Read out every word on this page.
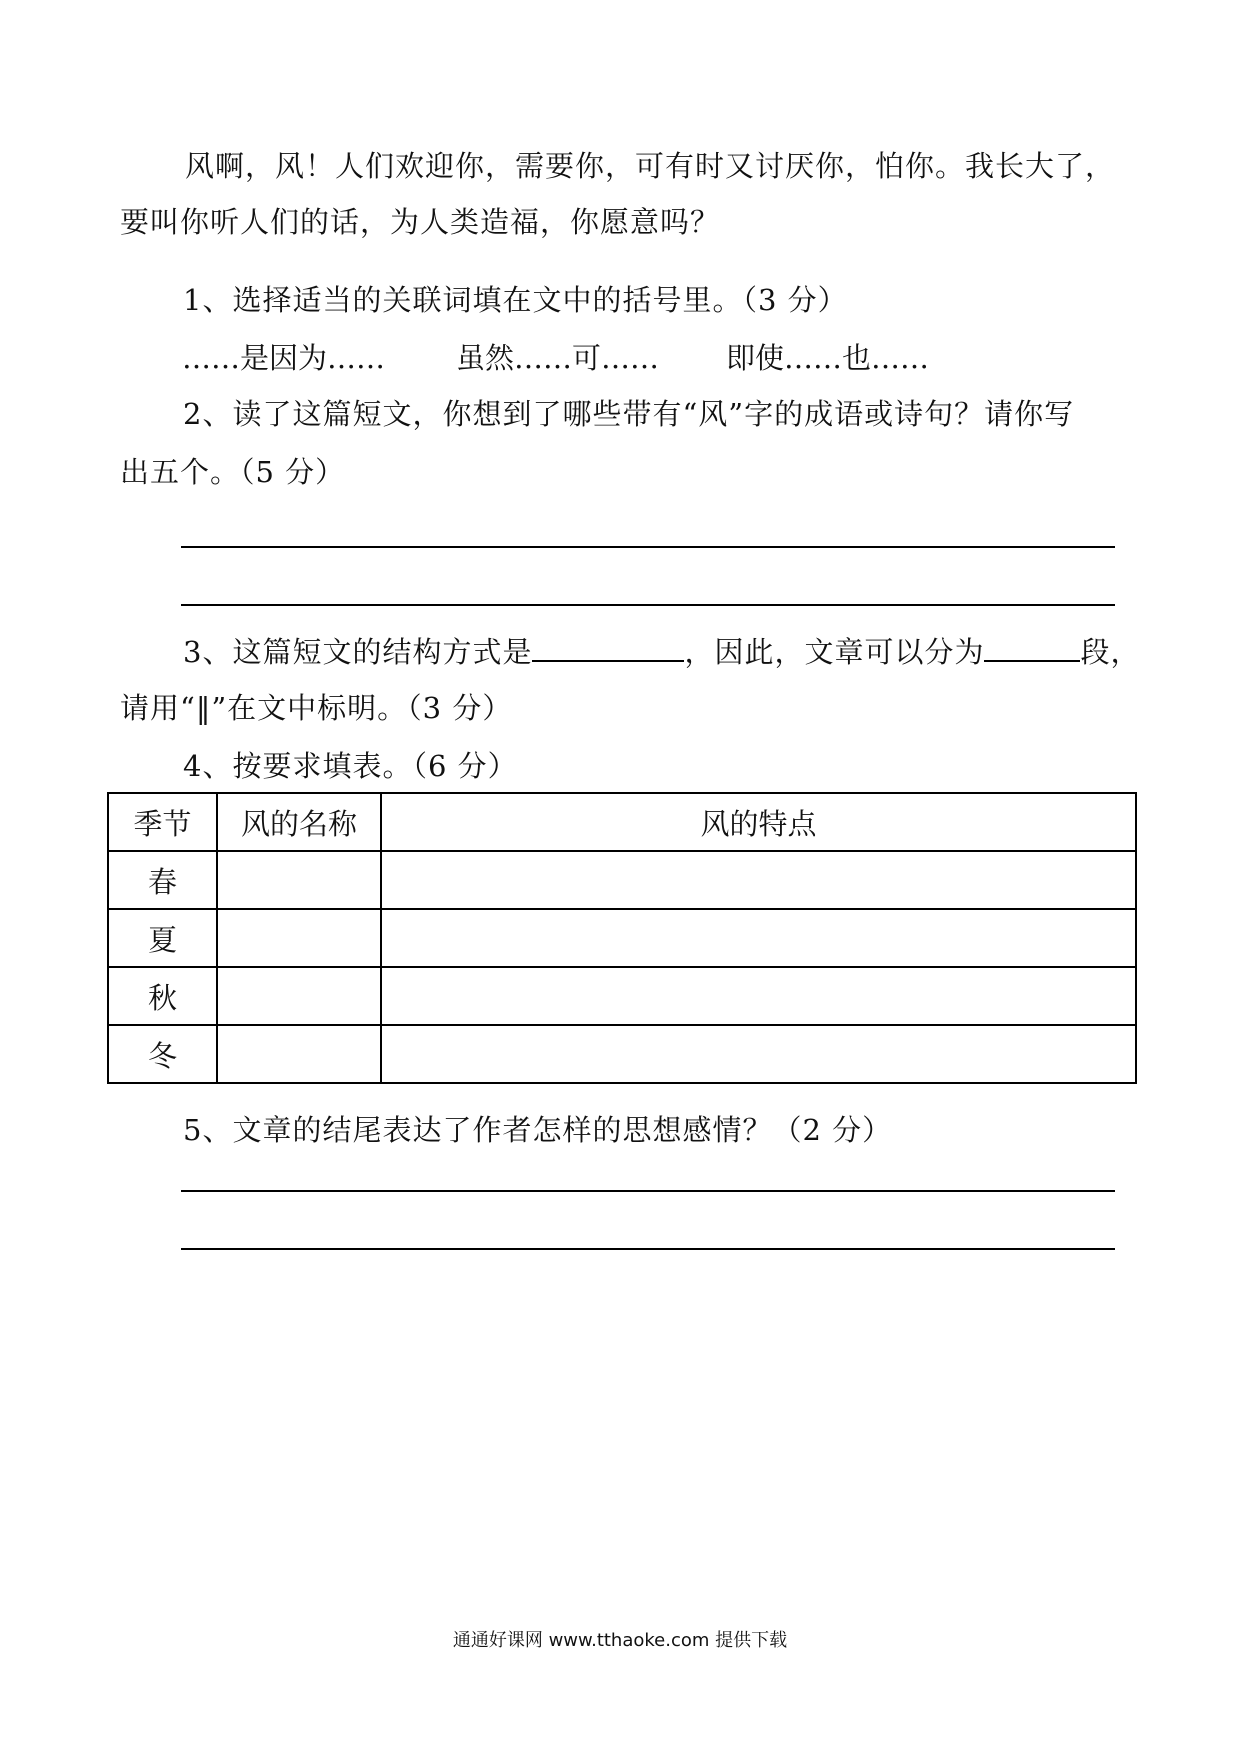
风啊，风！人们欢迎你，需要你，可有时又讨厌你，怕你。我长大了，
要叫你听人们的话，为人类造福，你愿意吗？
1、选择适当的关联词填在文中的括号里。（3 分）
……是因为…… 虽然……可…… 即使……也……
2、读了这篇短文，你想到了哪些带有“风”字的成语或诗句？请你写
出五个。（5 分）
3、这篇短文的结构方式是	，因此，文章可以分为	段，
请用“‖”在文中标明。（3 分）
4、按要求填表。（6 分）
季节	风的名称	风的特点
春		
夏		
秋		
冬		
5、文章的结尾表达了作者怎样的思想感情？（2 分）
通通好课网 www.tthaoke.com 提供下载
